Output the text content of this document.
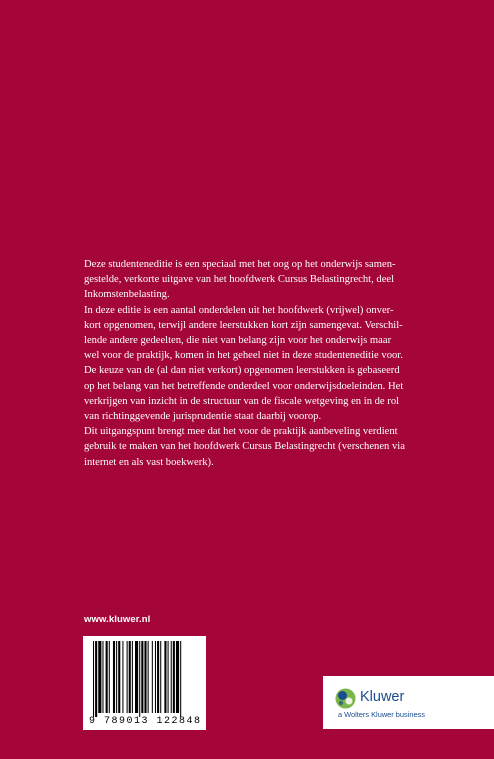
Deze studenteneditie is een speciaal met het oog op het onderwijs samen-

gestelde, verkorte uitgave van het hoofdwerk Cursus Belastingrecht, deel

Inkomstenbelasting.

In deze editie is een aantal onderdelen uit het hoofdwerk (vrijwel) onver-

kort opgenomen, terwijl andere leerstukken kort zijn samengevat. Verschil-

lende andere gedeelten, die niet van belang zijn voor het onderwijs maar

wel voor de praktijk, komen in het geheel niet in deze studenteneditie voor.

De keuze van de (al dan niet verkort) opgenomen leerstukken is gebaseerd

op het belang van het betreffende onderdeel voor onderwijsdoeleinden. Het

verkrijgen van inzicht in de structuur van de fiscale wetgeving en in de rol

van richtinggevende jurisprudentie staat daarbij voorop.

Dit uitgangspunt brengt mee dat het voor de praktijk aanbeveling verdient

gebruik te maken van het hoofdwerk Cursus Belastingrecht (verschenen via

internet en als vast boekwerk).

www.kluwer.nl
9 789013 122848
Kluwer
a Wolters Kluwer business
